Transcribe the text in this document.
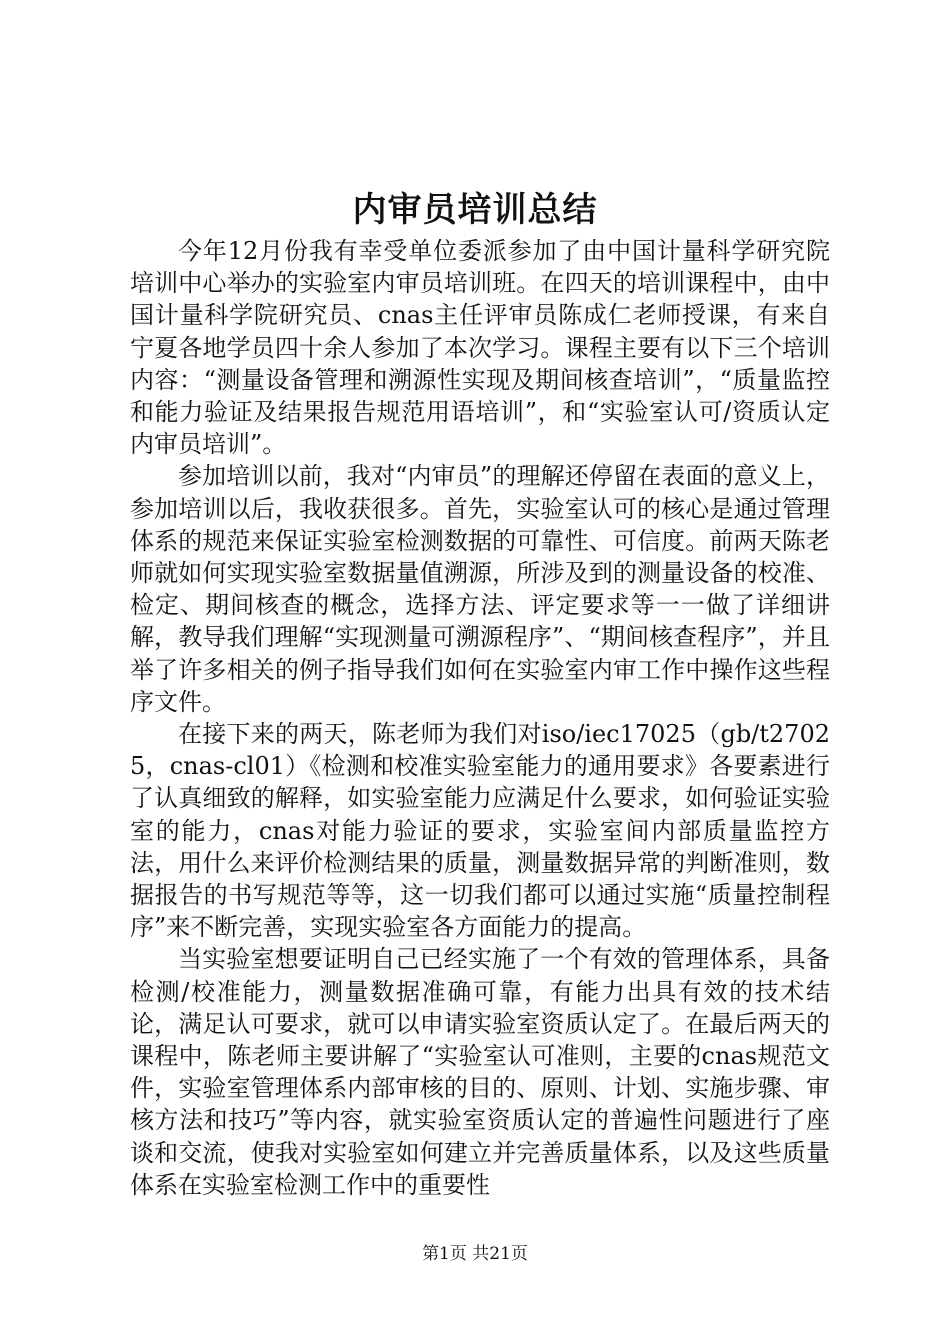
内审员培训总结

今年12月份我有幸受单位委派参加了由中国计量科学研究院培训中心举办的实验室内审员培训班。在四天的培训课程中，由中国计量科学院研究员、cnas主任评审员陈成仁老师授课，有来自宁夏各地学员四十余人参加了本次学习。课程主要有以下三个培训内容：“测量设备管理和溯源性实现及期间核查培训”，“质量监控和能力验证及结果报告规范用语培训”，和“实验室认可/资质认定内审员培训”。

参加培训以前，我对“内审员”的理解还停留在表面的意义上，参加培训以后，我收获很多。首先，实验室认可的核心是通过管理体系的规范来保证实验室检测数据的可靠性、可信度。前两天陈老师就如何实现实验室数据量值溯源，所涉及到的测量设备的校准、检定、期间核查的概念，选择方法、评定要求等一一做了详细讲解，教导我们理解“实现测量可溯源程序”、“期间核查程序”，并且举了许多相关的例子指导我们如何在实验室内审工作中操作这些程序文件。

在接下来的两天，陈老师为我们对iso/iec17025（gb/t27025，cnas-cl01）《检测和校准实验室能力的通用要求》各要素进行了认真细致的解释，如实验室能力应满足什么要求，如何验证实验室的能力，cnas对能力验证的要求，实验室间内部质量监控方法，用什么来评价检测结果的质量，测量数据异常的判断准则，数据报告的书写规范等等，这一切我们都可以通过实施“质量控制程序”来不断完善，实现实验室各方面能力的提高。

当实验室想要证明自己已经实施了一个有效的管理体系，具备检测/校准能力，测量数据准确可靠，有能力出具有效的技术结论，满足认可要求，就可以申请实验室资质认定了。在最后两天的课程中，陈老师主要讲解了“实验室认可准则，主要的cnas规范文件，实验室管理体系内部审核的目的、原则、计划、实施步骤、审核方法和技巧”等内容，就实验室资质认定的普遍性问题进行了座谈和交流，使我对实验室如何建立并完善质量体系，以及这些质量体系在实验室检测工作中的重要性

第1页 共21页
